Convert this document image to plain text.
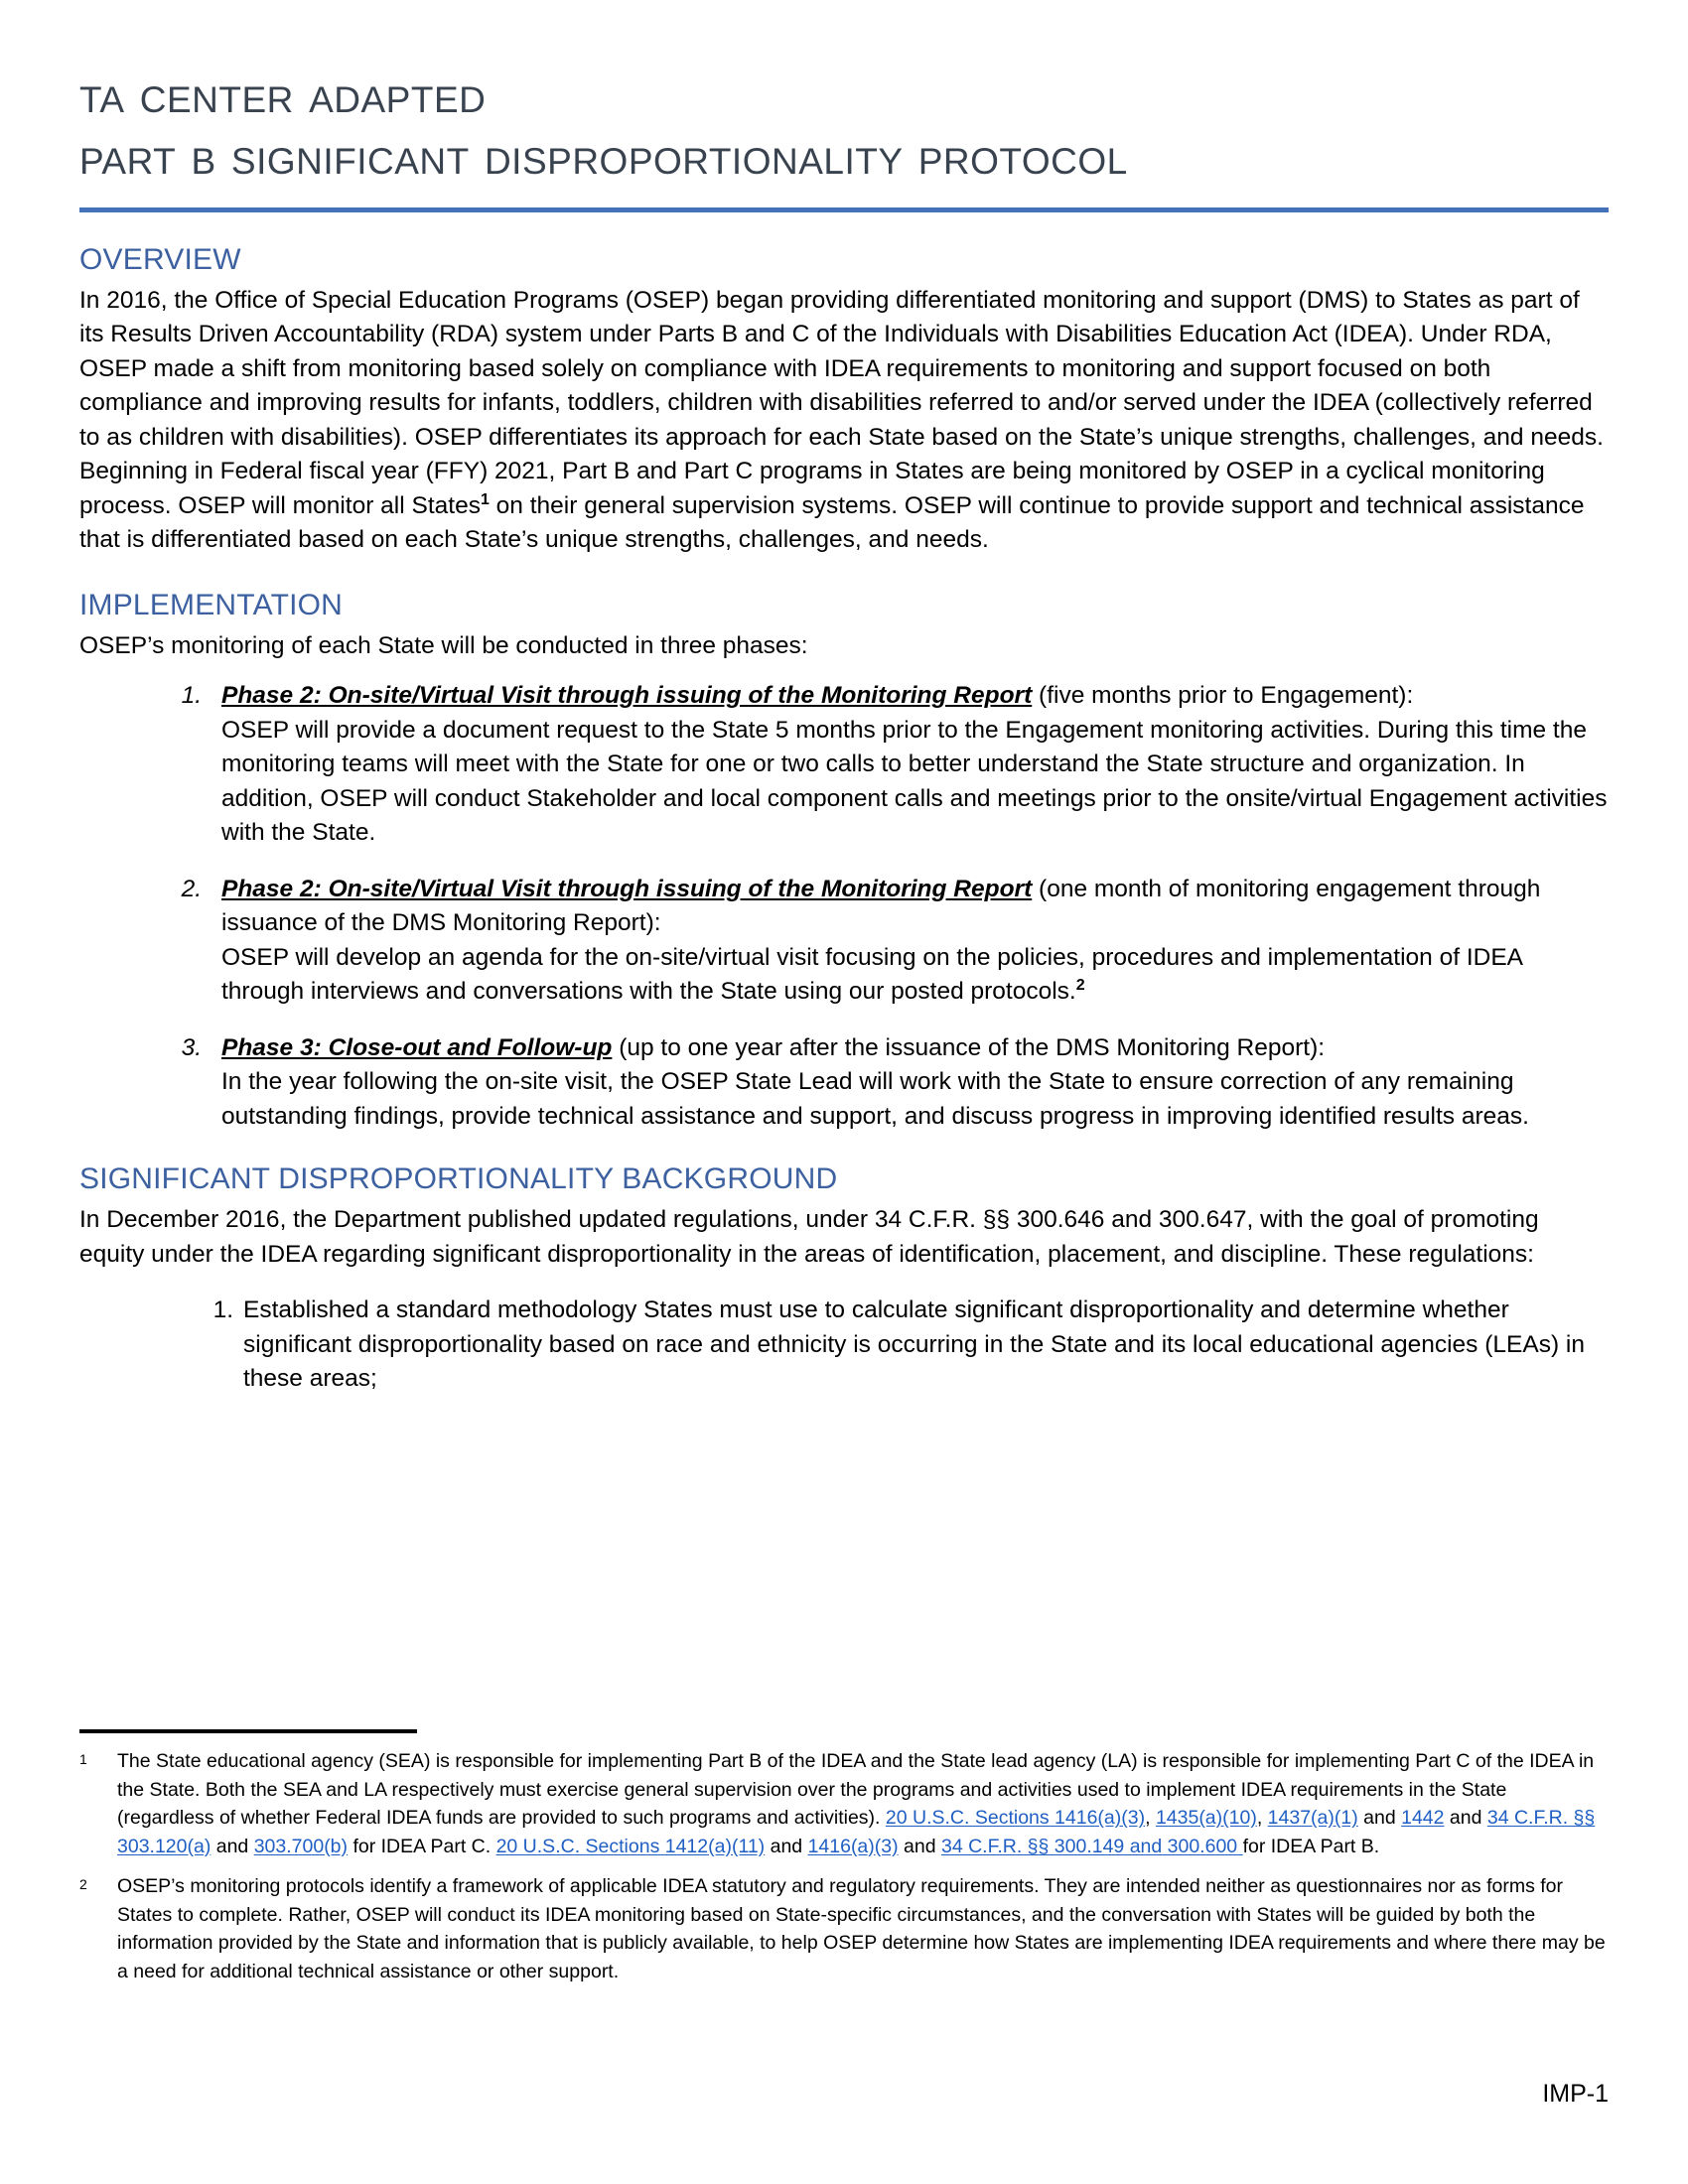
ta center adapted
part b significant disproportionality protocol
OVERVIEW

In 2016, the Office of Special Education Programs (OSEP) began providing differentiated monitoring and support (DMS) to States as part of its Results Driven Accountability (RDA) system under Parts B and C of the Individuals with Disabilities Education Act (IDEA). Under RDA, OSEP made a shift from monitoring based solely on compliance with IDEA requirements to monitoring and support focused on both compliance and improving results for infants, toddlers, children with disabilities referred to and/or served under the IDEA (collectively referred to as children with disabilities). OSEP differentiates its approach for each State based on the State’s unique strengths, challenges, and needs. Beginning in Federal fiscal year (FFY) 2021, Part B and Part C programs in States are being monitored by OSEP in a cyclical monitoring process. OSEP will monitor all States$^1$ on their general supervision systems. OSEP will continue to provide support and technical assistance that is differentiated based on each State’s unique strengths, challenges, and needs.

IMPLEMENTATION
OSEP’s monitoring of each State will be conducted in three phases:
1. Phase 2: On-site/Virtual Visit through issuing of the Monitoring Report (five months prior to Engagement):
OSEP will provide a document request to the State 5 months prior to the Engagement monitoring activities. During this time the monitoring teams will meet with the State for one or two calls to better understand the State structure and organization. In addition, OSEP will conduct Stakeholder and local component calls and meetings prior to the onsite/virtual Engagement activities with the State.
2. Phase 2: On-site/Virtual Visit through issuing of the Monitoring Report (one month of monitoring engagement through issuance of the DMS Monitoring Report):
OSEP will develop an agenda for the on-site/virtual visit focusing on the policies, procedures and implementation of IDEA through interviews and conversations with the State using our posted protocols.$^2$
3. Phase 3: Close-out and Follow-up (up to one year after the issuance of the DMS Monitoring Report):
In the year following the on-site visit, the OSEP State Lead will work with the State to ensure correction of any remaining outstanding findings, provide technical assistance and support, and discuss progress in improving identified results areas.
SIGNIFICANT DISPROPORTIONALITY BACKGROUND
In December 2016, the Department published updated regulations, under 34 C.F.R. §§ 300.646 and 300.647, with the goal of promoting equity under the IDEA regarding significant disproportionality in the areas of identification, placement, and discipline. These regulations:
1. Established a standard methodology States must use to calculate significant disproportionality and determine whether significant disproportionality based on race and ethnicity is occurring in the State and its local educational agencies (LEAs) in these areas;
1 The State educational agency (SEA) is responsible for implementing Part B of the IDEA and the State lead agency (LA) is responsible for implementing Part C of the IDEA in the State. Both the SEA and LA respectively must exercise general supervision over the programs and activities used to implement IDEA requirements in the State (regardless of whether Federal IDEA funds are provided to such programs and activities). 20 U.S.C. Sections 1416(a)(3), 1435(a)(10), 1437(a)(1) and 1442 and 34 C.F.R. §§ 303.120(a) and 303.700(b) for IDEA Part C. 20 U.S.C. Sections 1412(a)(11) and 1416(a)(3) and 34 C.F.R. §§ 300.149 and 300.600 for IDEA Part B.
2 OSEP’s monitoring protocols identify a framework of applicable IDEA statutory and regulatory requirements. They are intended neither as questionnaires nor as forms for States to complete. Rather, OSEP will conduct its IDEA monitoring based on State-specific circumstances, and the conversation with States will be guided by both the information provided by the State and information that is publicly available, to help OSEP determine how States are implementing IDEA requirements and where there may be a need for additional technical assistance or other support.
IMP-1
